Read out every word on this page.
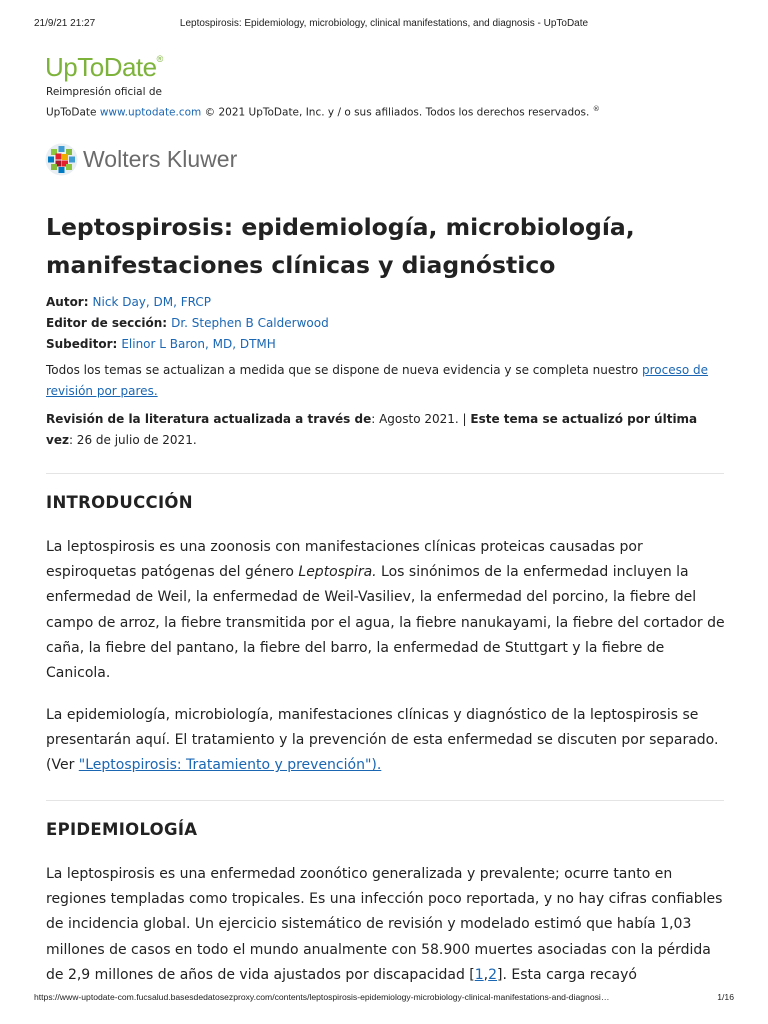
21/9/21 21:27	Leptospirosis: Epidemiology, microbiology, clinical manifestations, and diagnosis - UpToDate
UpToDate®
Reimpresión oficial de
UpToDate www.uptodate.com © 2021 UpToDate, Inc. y / o sus afiliados. Todos los derechos reservados. ®
Wolters Kluwer
Leptospirosis: epidemiología, microbiología,
manifestaciones clínicas y diagnóstico
Autor: Nick Day, DM, FRCP
Editor de sección: Dr. Stephen B Calderwood
Subeditor: Elinor L Baron, MD, DTMH
Todos los temas se actualizan a medida que se dispone de nueva evidencia y se completa nuestro proceso de revisión por pares.
Revisión de la literatura actualizada a través de: Agosto 2021. | Este tema se actualizó por última vez: 26 de julio de 2021.
INTRODUCCIÓN

La leptospirosis es una zoonosis con manifestaciones clínicas proteicas causadas por espiroquetas patógenas del género Leptospira. Los sinónimos de la enfermedad incluyen la enfermedad de Weil, la enfermedad de Weil-Vasiliev, la enfermedad del porcino, la fiebre del campo de arroz, la fiebre transmitida por el agua, la fiebre nanukayami, la fiebre del cortador de caña, la fiebre del pantano, la fiebre del barro, la enfermedad de Stuttgart y la fiebre de Canicola.

La epidemiología, microbiología, manifestaciones clínicas y diagnóstico de la leptospirosis se presentarán aquí. El tratamiento y la prevención de esta enfermedad se discuten por separado. (Ver "Leptospirosis: Tratamiento y prevención").

EPIDEMIOLOGÍA

La leptospirosis es una enfermedad zoonótico generalizada y prevalente; ocurre tanto en regiones templadas como tropicales. Es una infección poco reportada, y no hay cifras confiables de incidencia global. Un ejercicio sistemático de revisión y modelado estimó que había 1,03 millones de casos en todo el mundo anualmente con 58.900 muertes asociadas con la pérdida de 2,9 millones de años de vida ajustados por discapacidad [1,2]. Esta carga recayó

https://www-uptodate-com.fucsalud.basesdedatosezproxy.com/contents/leptospirosis-epidemiology-microbiology-clinical-manifestations-and-diagnosi…	1/16
